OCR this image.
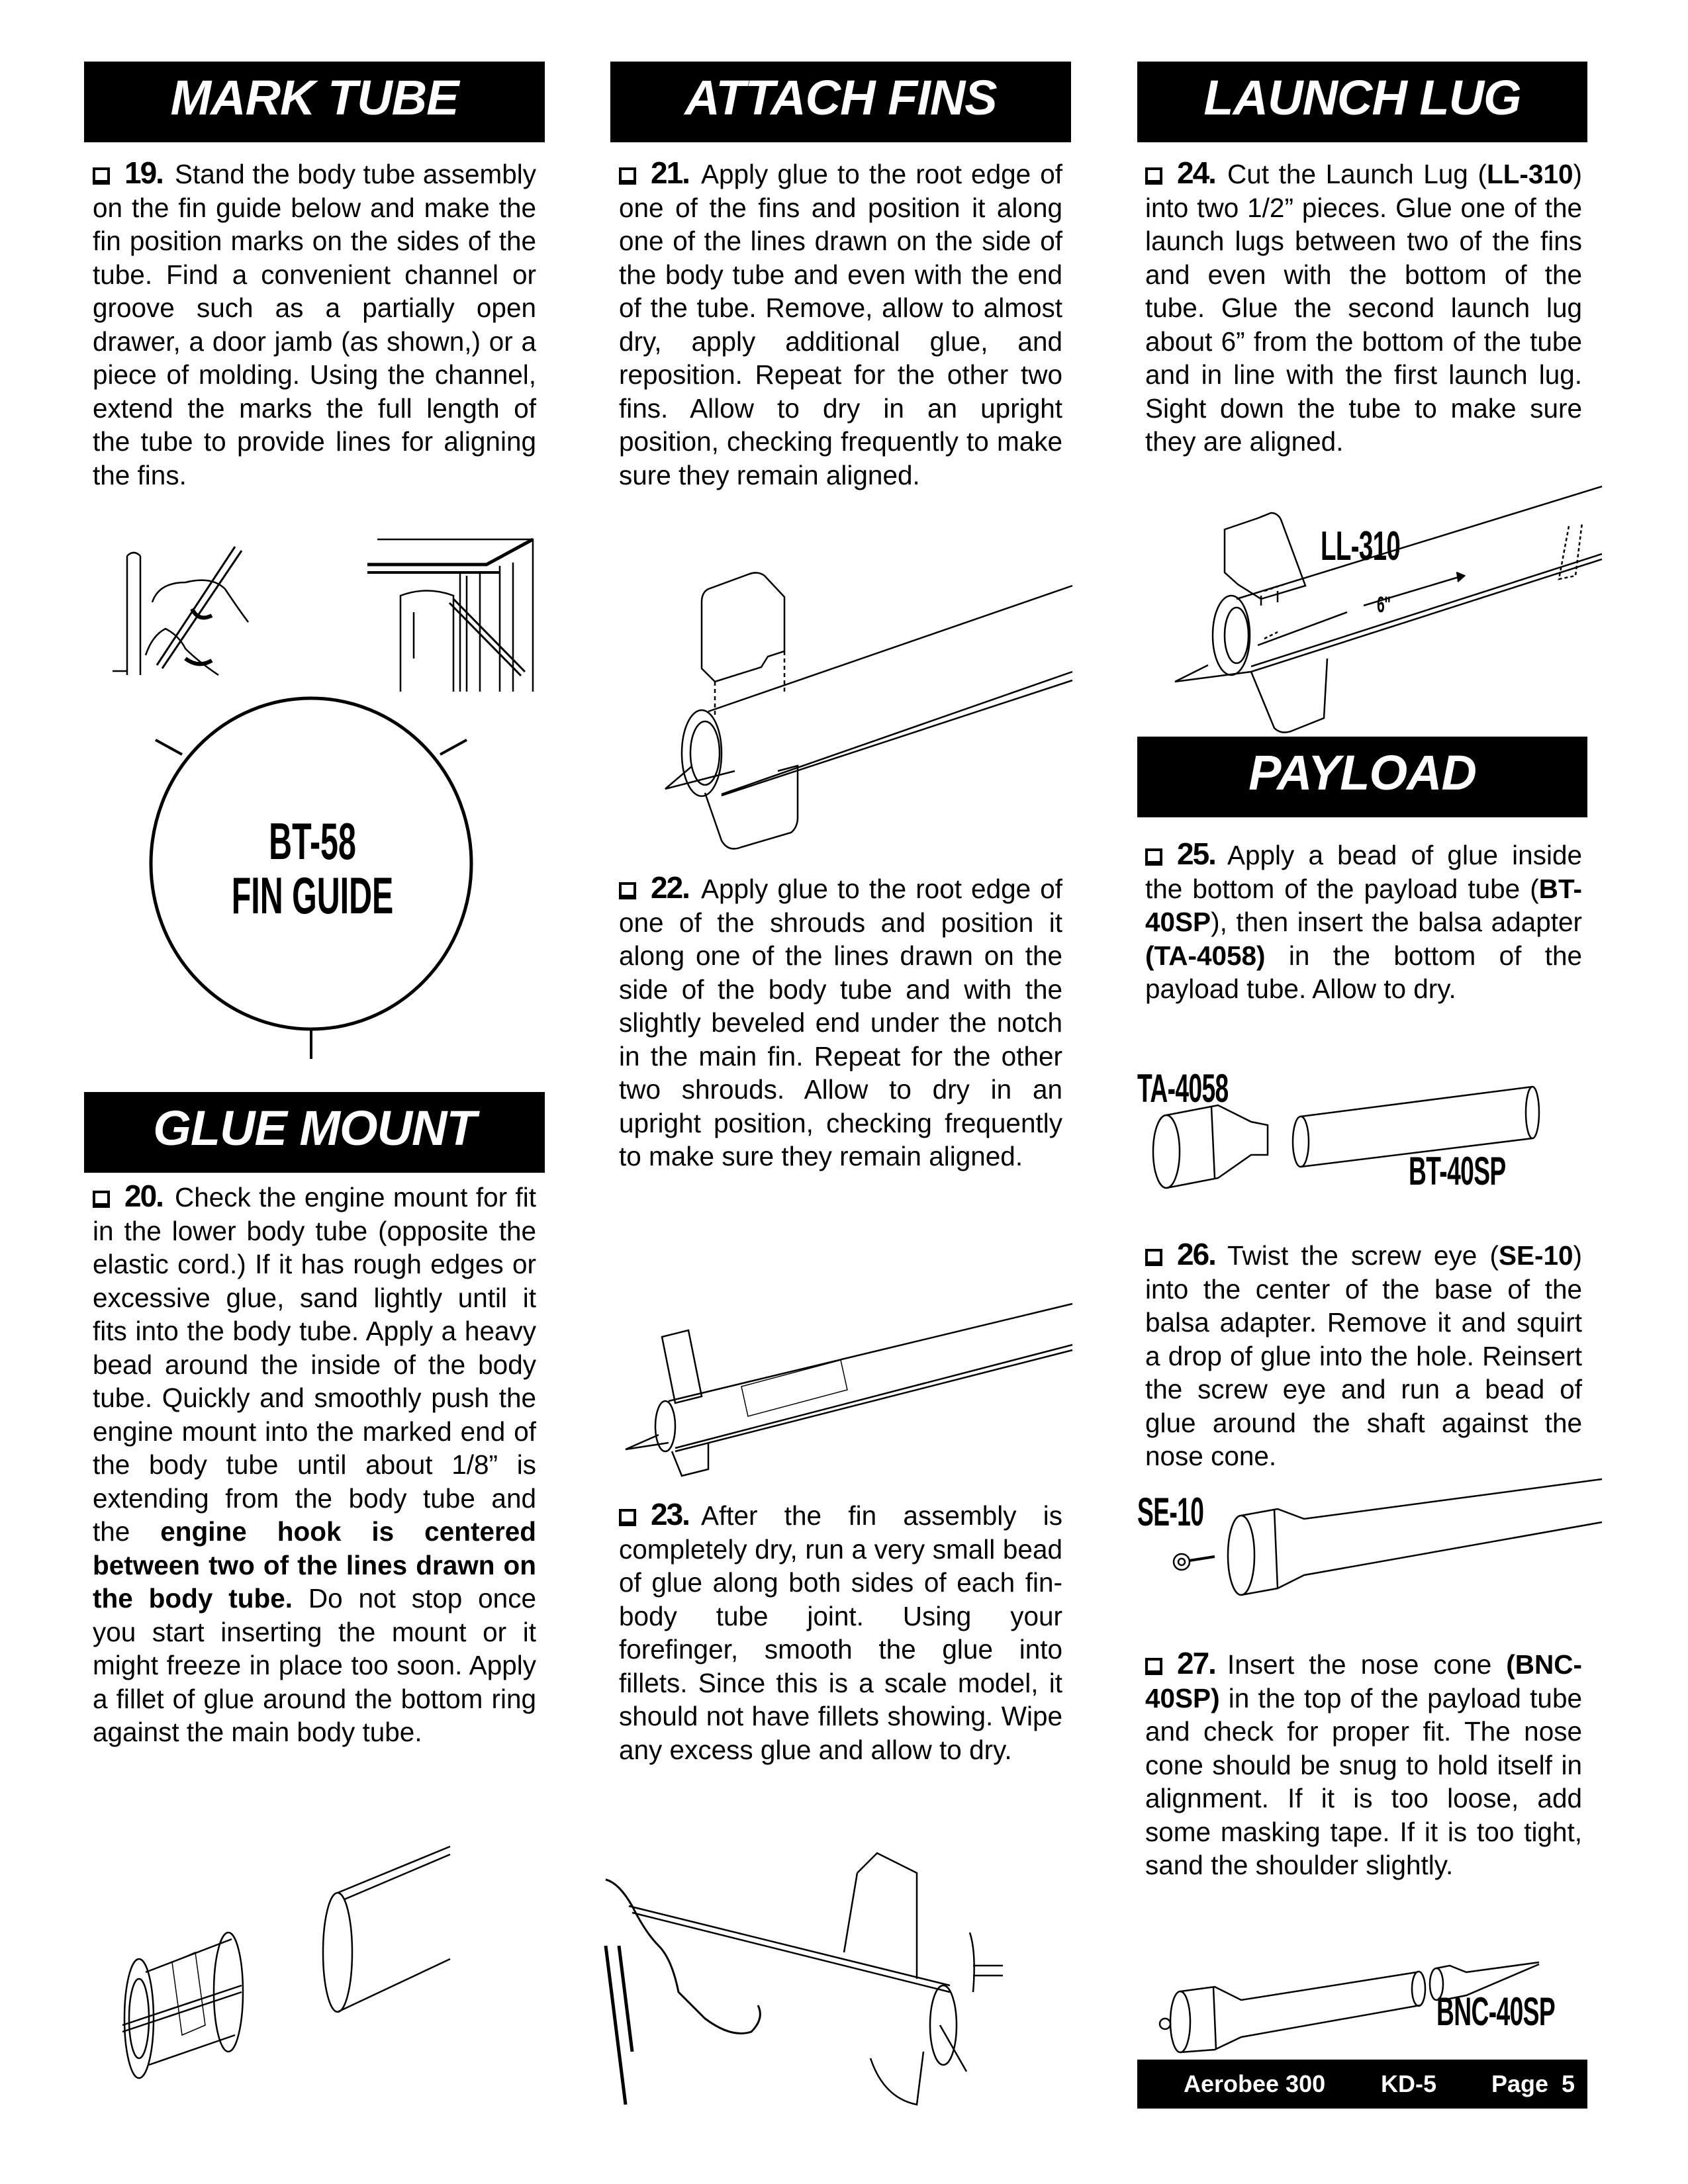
MARK TUBE
19. Stand the body tube assembly on the fin guide below and make the fin position marks on the sides of the tube. Find a convenient channel or groove such as a partially open drawer, a door jamb (as shown,) or a piece of molding. Using the channel, extend the marks the full length of the tube to provide lines for aligning the fins.
BT-58
FIN GUIDE
GLUE MOUNT
20. Check the engine mount for fit in the lower body tube (opposite the elastic cord.) If it has rough edges or excessive glue, sand lightly until it fits into the body tube. Apply a heavy bead around the inside of the body tube. Quickly and smoothly push the engine mount into the marked end of the body tube until about 1/8” is extending from the body tube and the engine hook is centered between two of the lines drawn on the body tube. Do not stop once you start inserting the mount or it might freeze in place too soon. Apply a fillet of glue around the bottom ring against the main body tube.
ATTACH FINS
21. Apply glue to the root edge of one of the fins and position it along one of the lines drawn on the side of the body tube and even with the end of the tube. Remove, allow to almost dry, apply additional glue, and reposition. Repeat for the other two fins. Allow to dry in an upright position, checking frequently to make sure they remain aligned.
22. Apply glue to the root edge of one of the shrouds and position it along one of the lines drawn on the side of the body tube and with the slightly beveled end under the notch in the main fin. Repeat for the other two shrouds. Allow to dry in an upright position, checking frequently to make sure they remain aligned.
23. After the fin assembly is completely dry, run a very small bead of glue along both sides of each fin-body tube joint. Using your forefinger, smooth the glue into fillets. Since this is a scale model, it should not have fillets showing. Wipe any excess glue and allow to dry.
LAUNCH LUG
24. Cut the Launch Lug (LL-310) into two 1/2” pieces. Glue one of the launch lugs between two of the fins and even with the bottom of the tube. Glue the second launch lug about 6” from the bottom of the tube and in line with the first launch lug. Sight down the tube to make sure they are aligned.
LL-310
6"
PAYLOAD
25. Apply a bead of glue inside the bottom of the payload tube (BT-40SP), then insert the balsa adapter (TA-4058) in the bottom of the payload tube. Allow to dry.
TA-4058
BT-40SP
26. Twist the screw eye (SE-10) into the center of the base of the balsa adapter. Remove it and squirt a drop of glue into the hole. Reinsert the screw eye and run a bead of glue around the shaft against the nose cone.
SE-10
27. Insert the nose cone (BNC-40SP) in the top of the payload tube and check for proper fit. The nose cone should be snug to hold itself in alignment. If it is too loose, add some masking tape. If it is too tight, sand the shoulder slightly.
BNC-40SP
Aerobee 300 KD-5 Page  5
